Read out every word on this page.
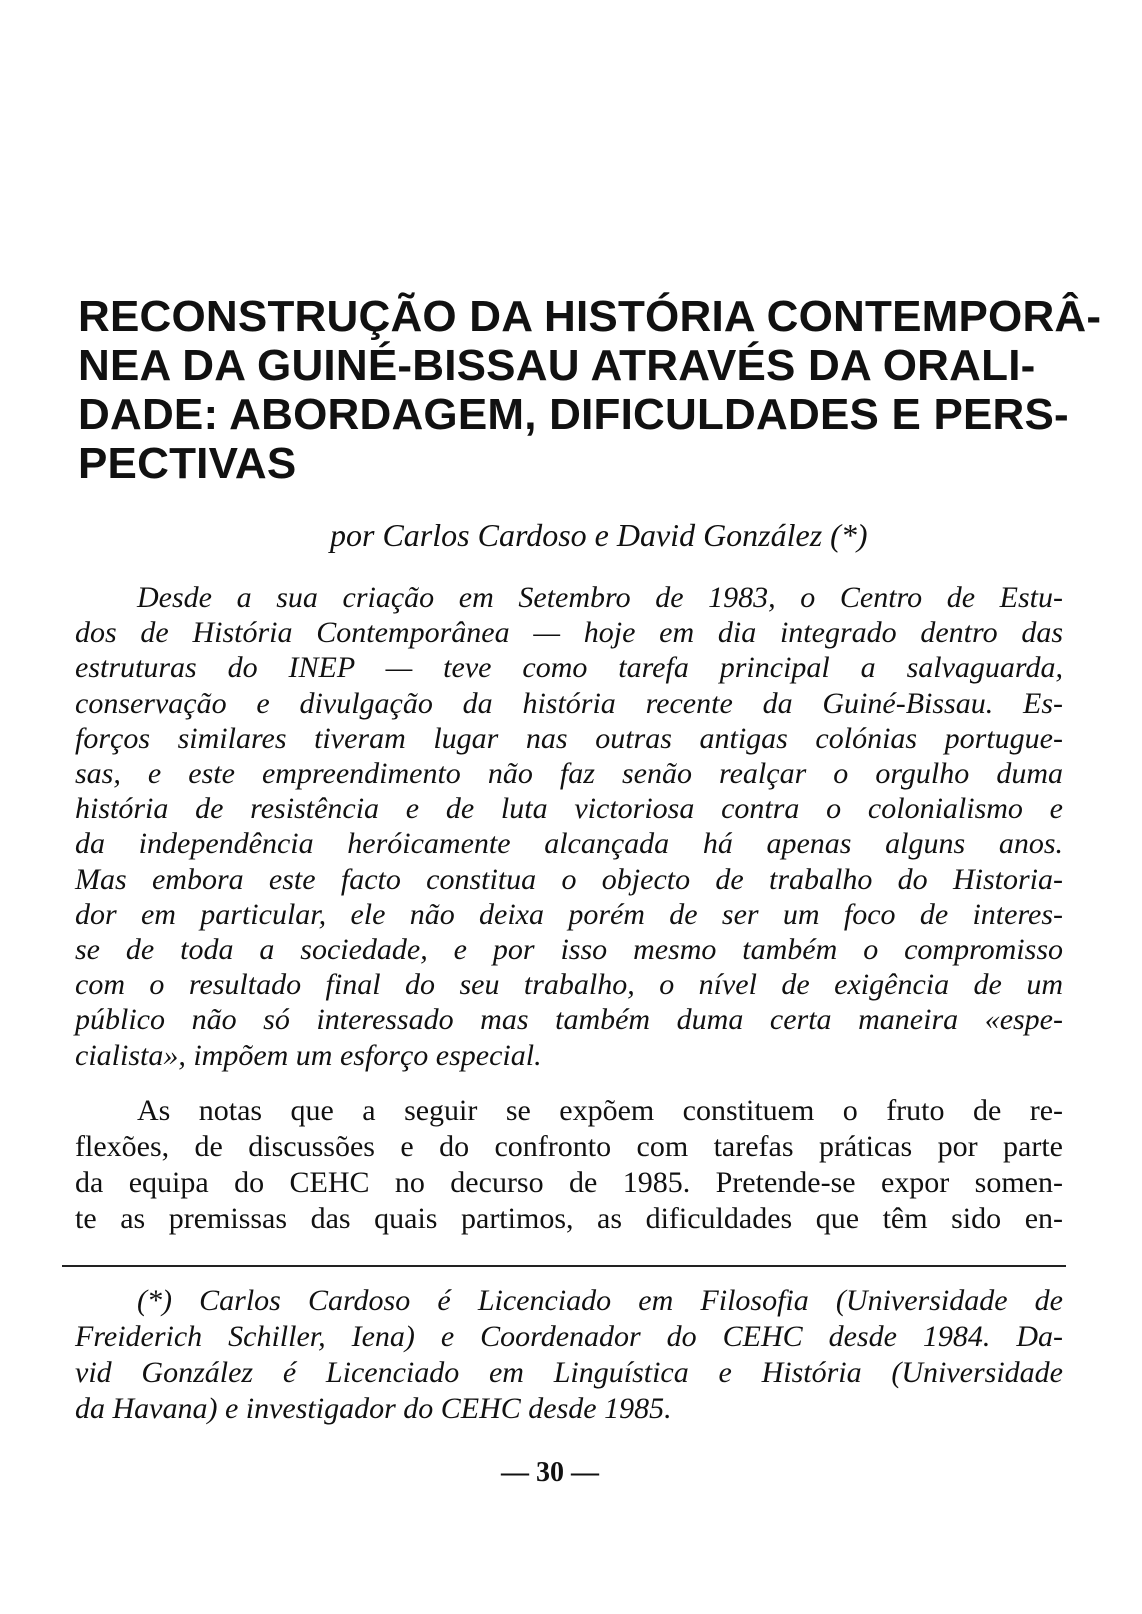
RECONSTRUÇÃO DA HISTÓRIA CONTEMPORÂ-
NEA DA GUINÉ-BISSAU ATRAVÉS DA ORALI-
DADE: ABORDAGEM, DIFICULDADES E PERS-
PECTIVAS
por Carlos Cardoso e David González (*)
Desde a sua criação em Setembro de 1983, o Centro de Estu-
dos de História Contemporânea — hoje em dia integrado dentro das
estruturas do INEP — teve como tarefa principal a salvaguarda,
conservação e divulgação da história recente da Guiné-Bissau. Es-
forços similares tiveram lugar nas outras antigas colónias portugue-
sas, e este empreendimento não faz senão realçar o orgulho duma
história de resistência e de luta victoriosa contra o colonialismo e
da independência heróicamente alcançada há apenas alguns anos.
Mas embora este facto constitua o objecto de trabalho do Historia-
dor em particular, ele não deixa porém de ser um foco de interes-
se de toda a sociedade, e por isso mesmo também o compromisso
com o resultado final do seu trabalho, o nível de exigência de um
público não só interessado mas também duma certa maneira «espe-
cialista», impõem um esforço especial.
As notas que a seguir se expõem constituem o fruto de re-
flexões, de discussões e do confronto com tarefas práticas por parte
da equipa do CEHC no decurso de 1985. Pretende-se expor somen-
te as premissas das quais partimos, as dificuldades que têm sido en-
(*) Carlos Cardoso é Licenciado em Filosofia (Universidade de
Freiderich Schiller, Iena) e Coordenador do CEHC desde 1984. Da-
vid González é Licenciado em Linguística e História (Universidade
da Havana) e investigador do CEHC desde 1985.
— 30 —
